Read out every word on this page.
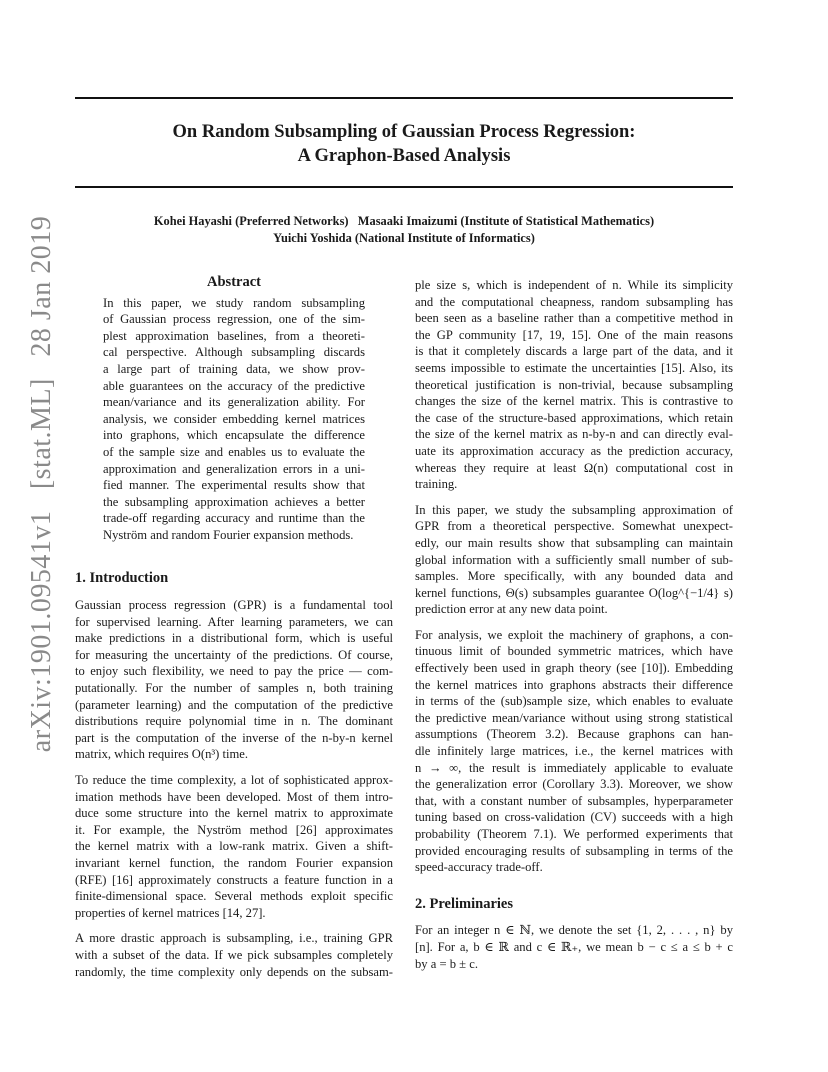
arXiv:1901.09541v1 [stat.ML] 28 Jan 2019
On Random Subsampling of Gaussian Process Regression:
A Graphon-Based Analysis
Kohei Hayashi (Preferred Networks)   Masaaki Imaizumi (Institute of Statistical Mathematics)
Yuichi Yoshida (National Institute of Informatics)
Abstract
In this paper, we study random subsampling
of Gaussian process regression, one of the sim-
plest approximation baselines, from a theoreti-
cal perspective. Although subsampling discards
a large part of training data, we show prov-
able guarantees on the accuracy of the predictive
mean/variance and its generalization ability. For
analysis, we consider embedding kernel matrices
into graphons, which encapsulate the difference
of the sample size and enables us to evaluate the
approximation and generalization errors in a uni-
fied manner. The experimental results show that
the subsampling approximation achieves a better
trade-off regarding accuracy and runtime than the
Nyström and random Fourier expansion methods.
1. Introduction

Gaussian process regression (GPR) is a fundamental tool
for supervised learning. After learning parameters, we can
make predictions in a distributional form, which is useful
for measuring the uncertainty of the predictions. Of course,
to enjoy such flexibility, we need to pay the price — com-
putationally. For the number of samples n, both training
(parameter learning) and the computation of the predictive
distributions require polynomial time in n. The dominant
part is the computation of the inverse of the n-by-n kernel
matrix, which requires O(n³) time.

To reduce the time complexity, a lot of sophisticated approx-
imation methods have been developed. Most of them intro-
duce some structure into the kernel matrix to approximate
it. For example, the Nyström method [26] approximates
the kernel matrix with a low-rank matrix. Given a shift-
invariant kernel function, the random Fourier expansion
(RFE) [16] approximately constructs a feature function in a
finite-dimensional space. Several methods exploit specific
properties of kernel matrices [14, 27].

A more drastic approach is subsampling, i.e., training GPR
with a subset of the data. If we pick subsamples completely
randomly, the time complexity only depends on the subsam-

ple size s, which is independent of n. While its simplicity
and the computational cheapness, random subsampling has
been seen as a baseline rather than a competitive method in
the GP community [17, 19, 15]. One of the main reasons
is that it completely discards a large part of the data, and it
seems impossible to estimate the uncertainties [15]. Also, its
theoretical justification is non-trivial, because subsampling
changes the size of the kernel matrix. This is contrastive to
the case of the structure-based approximations, which retain
the size of the kernel matrix as n-by-n and can directly eval-
uate its approximation accuracy as the prediction accuracy,
whereas they require at least Ω(n) computational cost in
training.

In this paper, we study the subsampling approximation of
GPR from a theoretical perspective. Somewhat unexpect-
edly, our main results show that subsampling can maintain
global information with a sufficiently small number of sub-
samples. More specifically, with any bounded data and
kernel functions, Θ(s) subsamples guarantee O(log^{−1/4} s)
prediction error at any new data point.

For analysis, we exploit the machinery of graphons, a con-
tinuous limit of bounded symmetric matrices, which have
effectively been used in graph theory (see [10]). Embedding
the kernel matrices into graphons abstracts their difference
in terms of the (sub)sample size, which enables to evaluate
the predictive mean/variance without using strong statistical
assumptions (Theorem 3.2). Because graphons can han-
dle infinitely large matrices, i.e., the kernel matrices with
n → ∞, the result is immediately applicable to evaluate
the generalization error (Corollary 3.3). Moreover, we show
that, with a constant number of subsamples, hyperparameter
tuning based on cross-validation (CV) succeeds with a high
probability (Theorem 7.1). We performed experiments that
provided encouraging results of subsampling in terms of the
speed-accuracy trade-off.

2. Preliminaries

For an integer n ∈ ℕ, we denote the set {1, 2, . . . , n} by
[n]. For a, b ∈ ℝ and c ∈ ℝ₊, we mean b − c ≤ a ≤ b + c
by a = b ± c.
